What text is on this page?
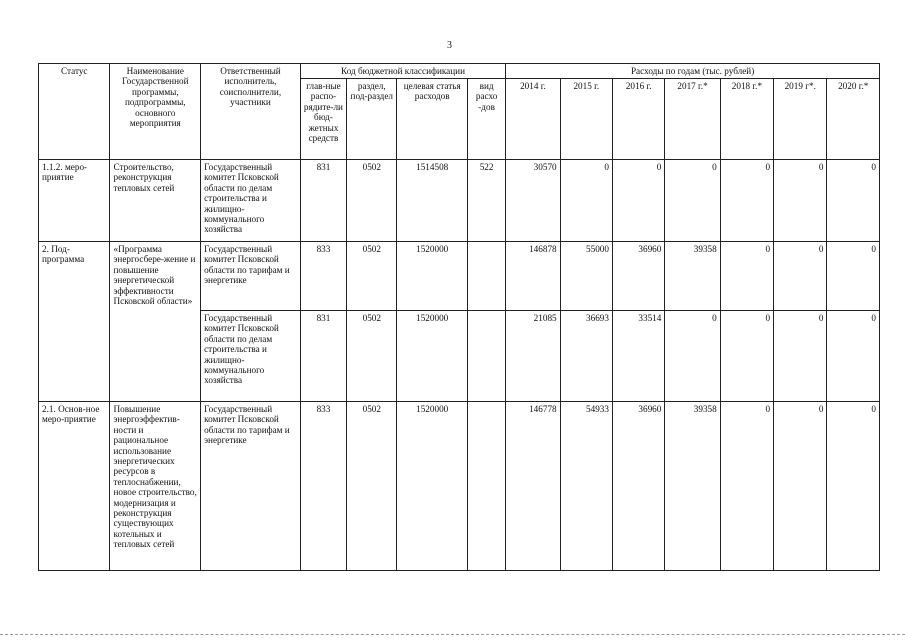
3
Статус	Наименование Государственной программы, подпрограммы, основного мероприятия	Ответственный исполнитель, соисполнители, участники	Код бюджетной классификации				Расходы по годам (тыс. рублей)						
			глав-ные распо-рядите-ли бюд-жетных средств	раздел, под-раздел	целевая статья расходов	вид расхо -дов	2014 г.	2015 г.	2016 г.	2017 г.*	2018 г.*	2019 г*.	2020 г.*
1.1.2. меро-приятие	Строительство, реконструкция тепловых сетей	Государственный комитет Псковской области по делам строительства и жилищно-коммунального хозяйства	831	0502	1514508	522	30570	0	0	0	0	0	0
2. Под-программа	«Программа энергосбере-жение и повышение энергетической эффективности Псковской области»	Государственный комитет Псковской области по тарифам и энергетике	833	0502	1520000		146878	55000	36960	39358	0	0	0
		Государственный комитет Псковской области по делам строительства и жилищно-коммунального хозяйства	831	0502	1520000		21085	36693	33514	0	0	0	0
2.1. Основ-ное меро-приятие	Повышение энергоэффектив-ности и рациональное использование энергетических ресурсов в теплоснабжении, новое строительство, модернизация и реконструкция существующих котельных и тепловых сетей	Государственный комитет Псковской области по тарифам и энергетике	833	0502	1520000		146778	54933	36960	39358	0	0	0
